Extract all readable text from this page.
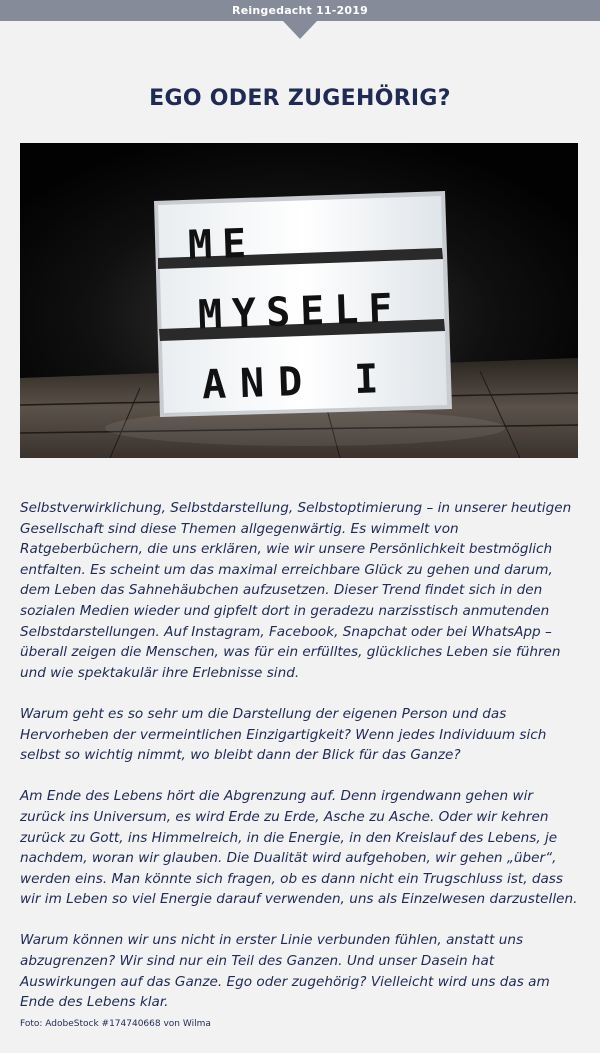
Reingedacht 11-2019
EGO ODER ZUGEHÖRIG?
ME
MYSELF
AND I

Selbstverwirklichung, Selbstdarstellung, Selbstoptimierung – in unserer heutigen Gesellschaft sind diese Themen allgegenwärtig. Es wimmelt von Ratgeberbüchern, die uns erklären, wie wir unsere Persönlichkeit bestmöglich entfalten. Es scheint um das maximal erreichbare Glück zu gehen und darum, dem Leben das Sahnehäubchen aufzusetzen. Dieser Trend findet sich in den sozialen Medien wieder und gipfelt dort in geradezu narzisstisch anmutenden Selbstdarstellungen. Auf Instagram, Facebook, Snapchat oder bei WhatsApp – überall zeigen die Menschen, was für ein erfülltes, glückliches Leben sie führen und wie spektakulär ihre Erlebnisse sind.

Warum geht es so sehr um die Darstellung der eigenen Person und das Hervorheben der vermeintlichen Einzigartigkeit? Wenn jedes Individuum sich selbst so wichtig nimmt, wo bleibt dann der Blick für das Ganze?

Am Ende des Lebens hört die Abgrenzung auf. Denn irgendwann gehen wir zurück ins Universum, es wird Erde zu Erde, Asche zu Asche. Oder wir kehren zurück zu Gott, ins Himmelreich, in die Energie, in den Kreislauf des Lebens, je nachdem, woran wir glauben. Die Dualität wird aufgehoben, wir gehen „über“, werden eins. Man könnte sich fragen, ob es dann nicht ein Trugschluss ist, dass wir im Leben so viel Energie darauf verwenden, uns als Einzelwesen darzustellen.

Warum können wir uns nicht in erster Linie verbunden fühlen, anstatt uns abzugrenzen? Wir sind nur ein Teil des Ganzen. Und unser Dasein hat Auswirkungen auf das Ganze. Ego oder zugehörig? Vielleicht wird uns das am Ende des Lebens klar.

Foto: AdobeStock #174740668 von Wilma
